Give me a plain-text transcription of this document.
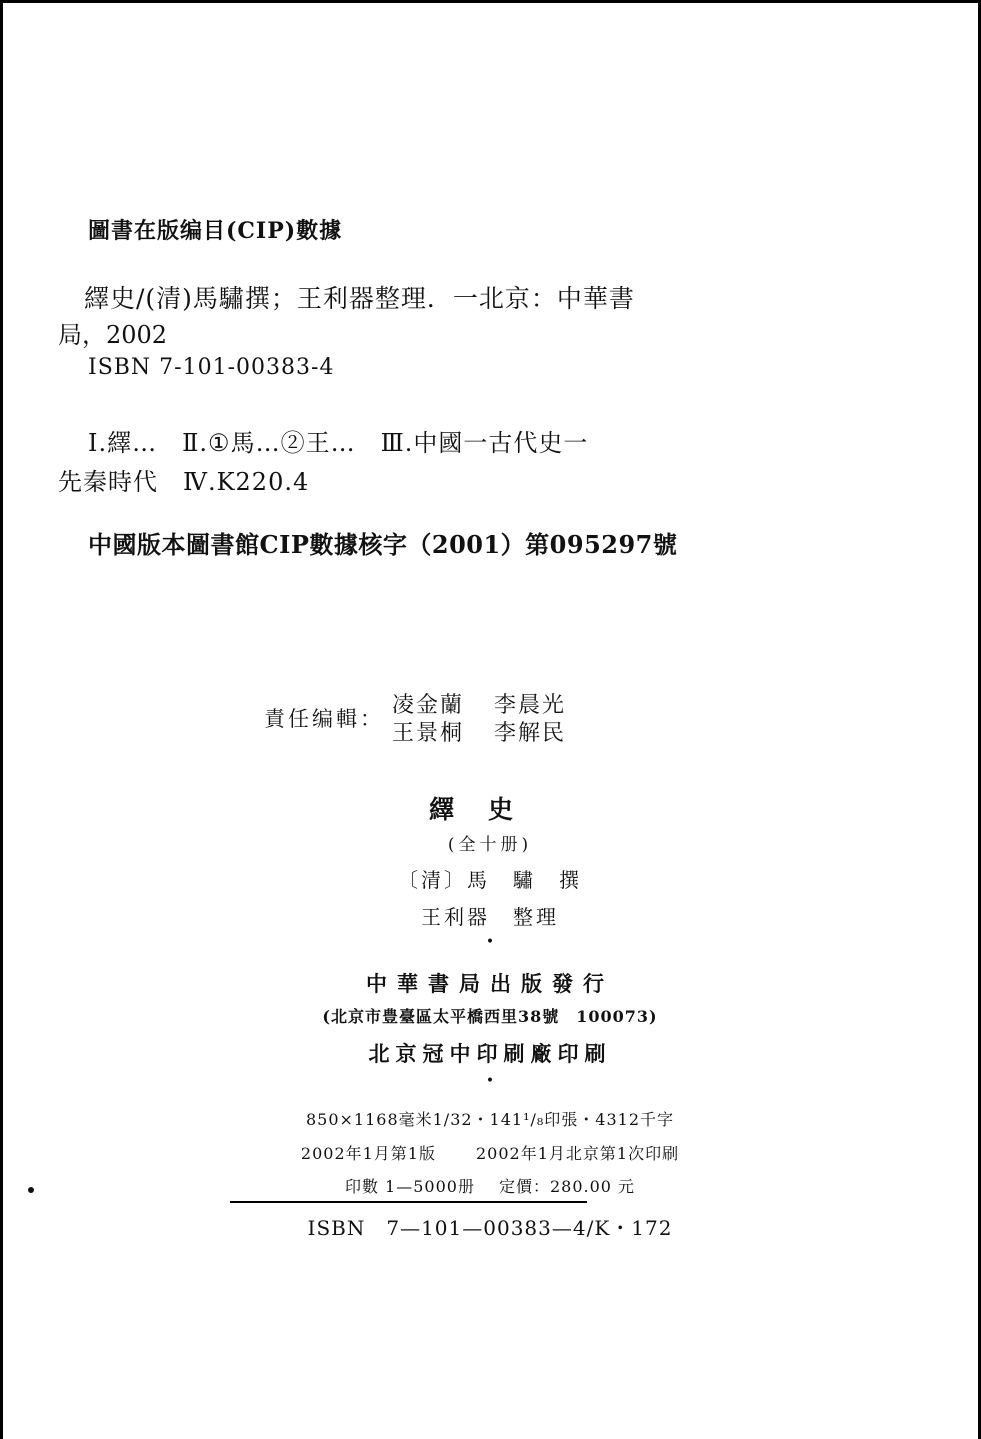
圖書在版编目(CIP)數據
繹史/(清)馬驌撰；王利器整理．一北京：中華書
局，2002
ISBN 7-101-00383-4
Ⅰ.繹…　Ⅱ.①馬…②王…　Ⅲ.中國一古代史一
先秦時代　Ⅳ.K220.4
中國版本圖書館CIP數據核字（2001）第095297號
責任编輯：
凌金蘭 李晨光
王景桐 李解民
繹史
(全十册)
〔清〕馬　驌　撰
王利器　整理
•
中華書局出版發行
(北京市豊臺區太平橋西里38號　100073)
北京冠中印刷廠印刷
•
850×1168毫米1/32・141¹/₈印張・4312千字
2002年1月第1版	2002年1月北京第1次印刷
印數 1—5000册 定價：280.00 元
ISBN　7—101—00383—4/K・172
